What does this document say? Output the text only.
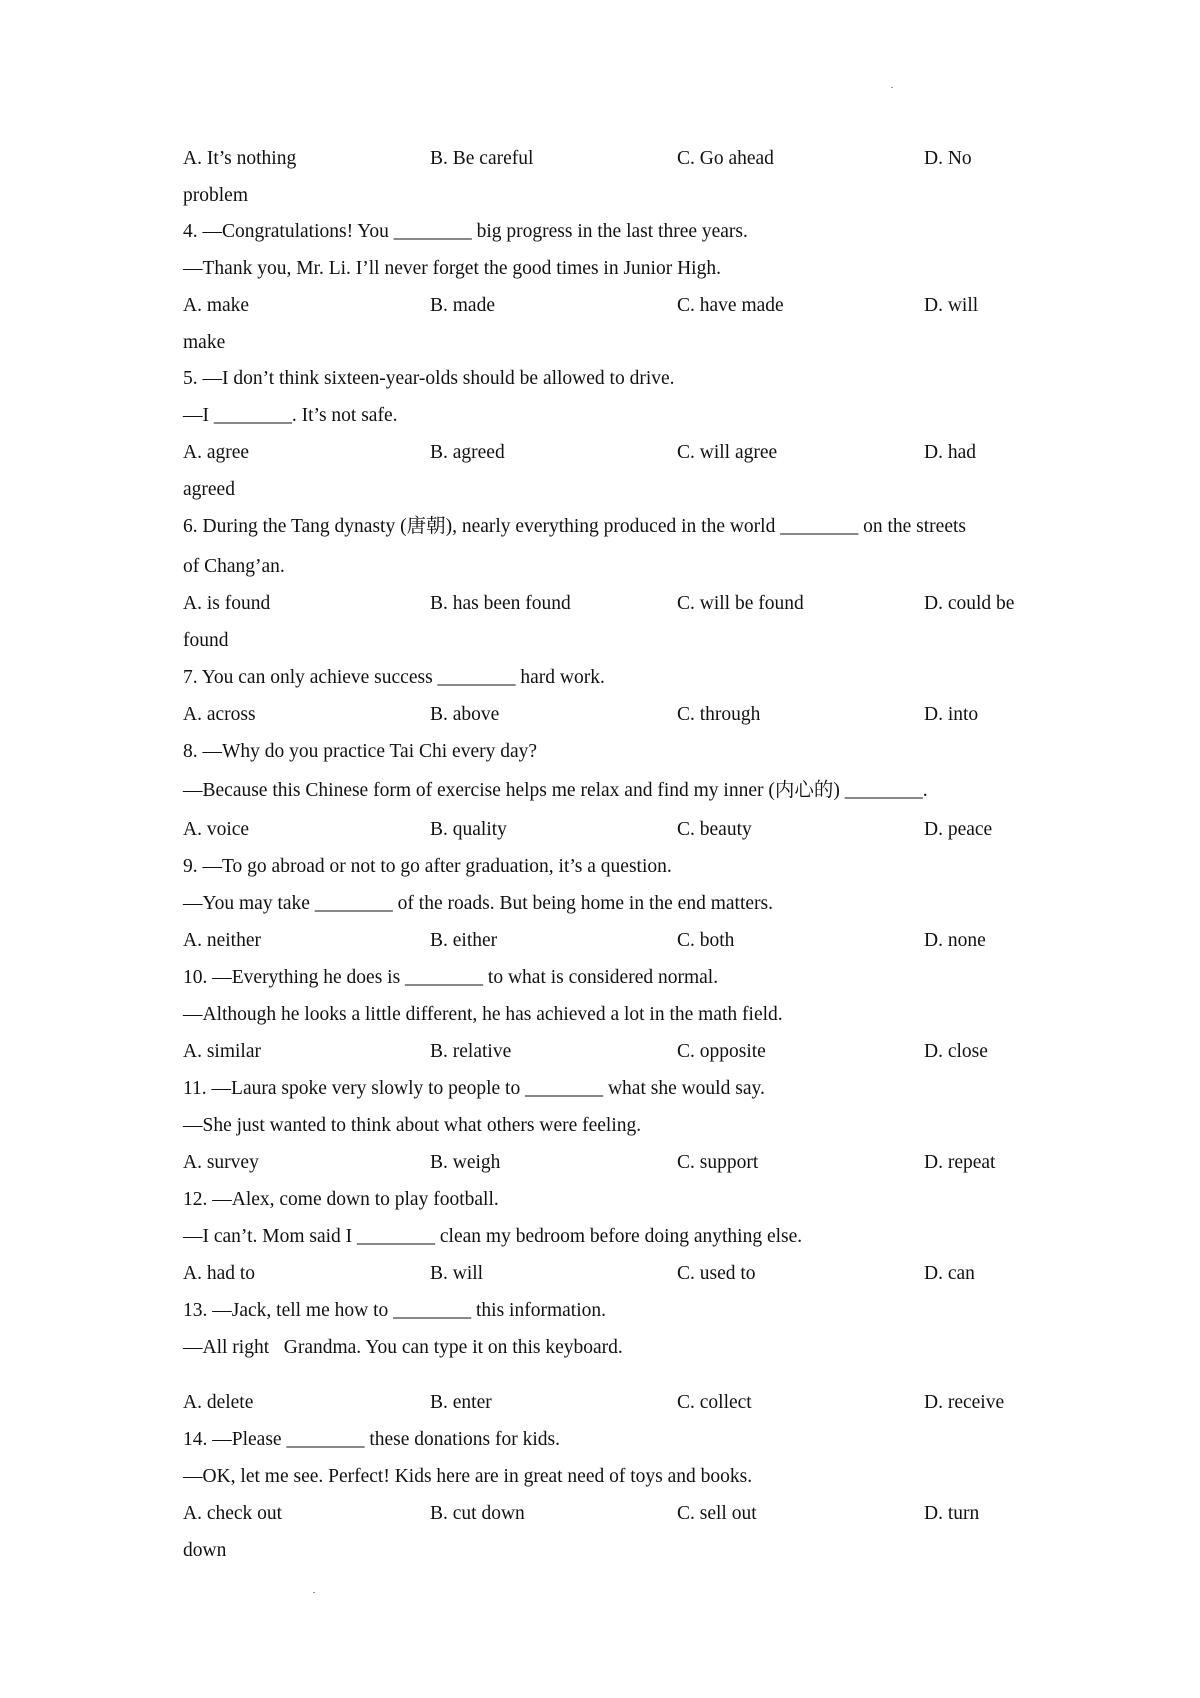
A. It’s nothing	B. Be careful	C. Go ahead	D. No
problem
4. —Congratulations! You ________ big progress in the last three years.
—Thank you, Mr. Li. I’ll never forget the good times in Junior High.
A. make	B. made	C. have made	D. will
make
5. —I don’t think sixteen-year-olds should be allowed to drive.
—I ________. It’s not safe.
A. agree	B. agreed	C. will agree	D. had
agreed
6. During the Tang dynasty (唐朝), nearly everything produced in the world ________ on the streets
of Chang’an.
A. is found	B. has been found	C. will be found	D. could be
found
7. You can only achieve success ________ hard work.
A. across	B. above	C. through	D. into
8. —Why do you practice Tai Chi every day?
—Because this Chinese form of exercise helps me relax and find my inner (内心的) ________.
A. voice	B. quality	C. beauty	D. peace
9. —To go abroad or not to go after graduation, it’s a question.
—You may take ________ of the roads. But being home in the end matters.
A. neither	B. either	C. both	D. none
10. —Everything he does is ________ to what is considered normal.
—Although he looks a little different, he has achieved a lot in the math field.
A. similar	B. relative	C. opposite	D. close
11. —Laura spoke very slowly to people to ________ what she would say.
—She just wanted to think about what others were feeling.
A. survey	B. weigh	C. support	D. repeat
12. —Alex, come down to play football.
—I can’t. Mom said I ________ clean my bedroom before doing anything else.
A. had to	B. will	C. used to	D. can
13. —Jack, tell me how to ________ this information.
—All right   Grandma. You can type it on this keyboard.
A. delete	B. enter	C. collect	D. receive
14. —Please ________ these donations for kids.
—OK, let me see. Perfect! Kids here are in great need of toys and books.
A. check out	B. cut down	C. sell out	D. turn
down
